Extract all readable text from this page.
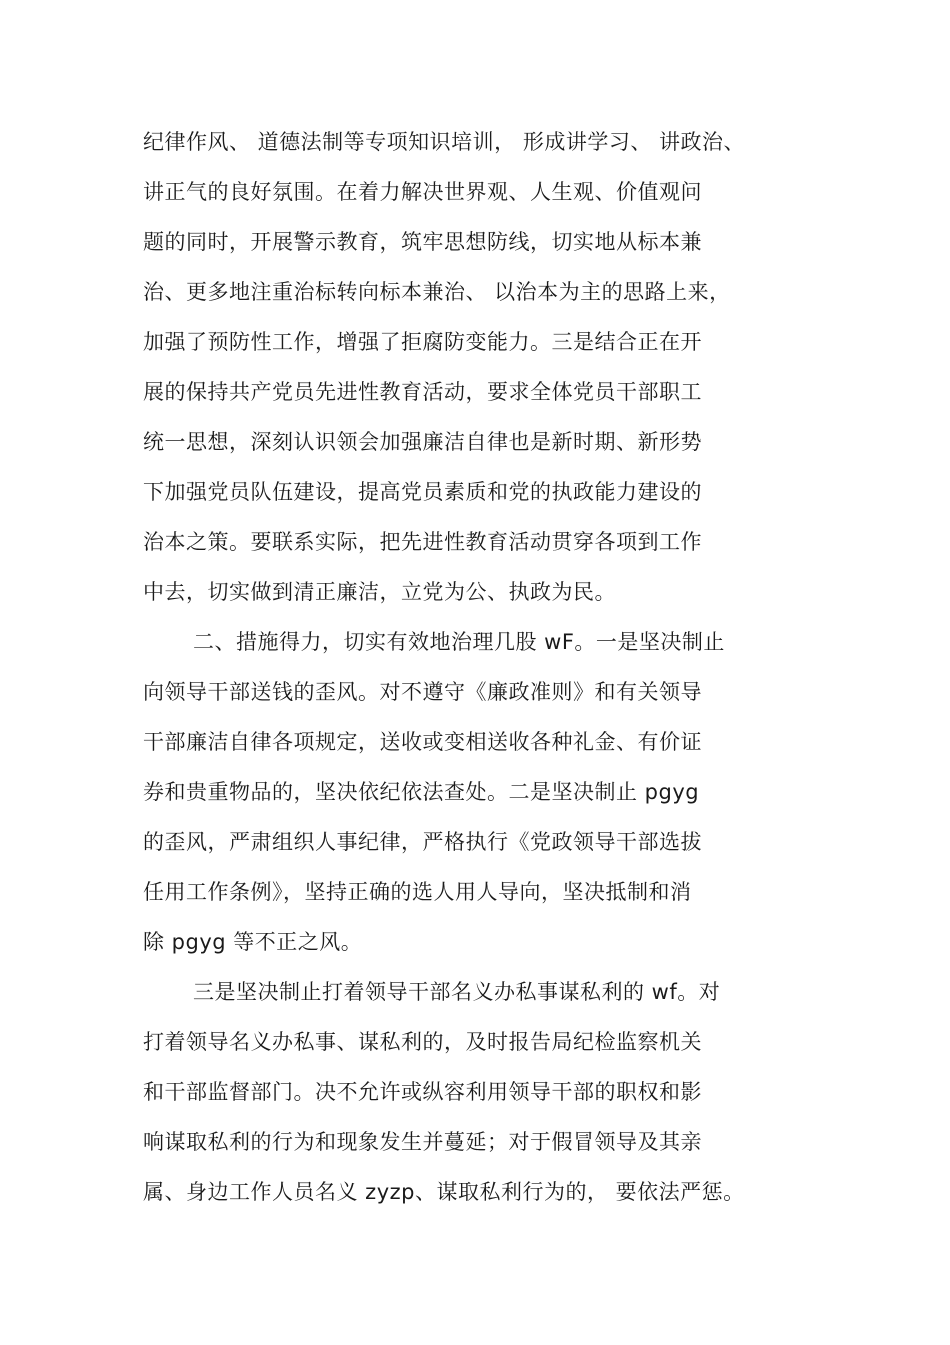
纪律作风、 道德法制等专项知识培训， 形成讲学习、 讲政治、
讲正气的良好氛围。在着力解决世界观、人生观、价值观问
题的同时，开展警示教育，筑牢思想防线，切实地从标本兼
治、更多地注重治标转向标本兼治、 以治本为主的思路上来，
加强了预防性工作，增强了拒腐防变能力。三是结合正在开
展的保持共产党员先进性教育活动，要求全体党员干部职工
统一思想，深刻认识领会加强廉洁自律也是新时期、新形势
下加强党员队伍建设，提高党员素质和党的执政能力建设的
治本之策。要联系实际，把先进性教育活动贯穿各项到工作
中去，切实做到清正廉洁，立党为公、执政为民。
二、措施得力，切实有效地治理几股 wF。一是坚决制止
向领导干部送钱的歪风。对不遵守《廉政准则》和有关领导
干部廉洁自律各项规定，送收或变相送收各种礼金、有价证
券和贵重物品的，坚决依纪依法查处。二是坚决制止 pgyg
的歪风，严肃组织人事纪律，严格执行《党政领导干部选拔
任用工作条例》，坚持正确的选人用人导向，坚决抵制和消
除 pgyg 等不正之风。
三是坚决制止打着领导干部名义办私事谋私利的 wf。对
打着领导名义办私事、谋私利的，及时报告局纪检监察机关
和干部监督部门。决不允许或纵容利用领导干部的职权和影
响谋取私利的行为和现象发生并蔓延；对于假冒领导及其亲
属、身边工作人员名义 zyzp、谋取私利行为的， 要依法严惩。
